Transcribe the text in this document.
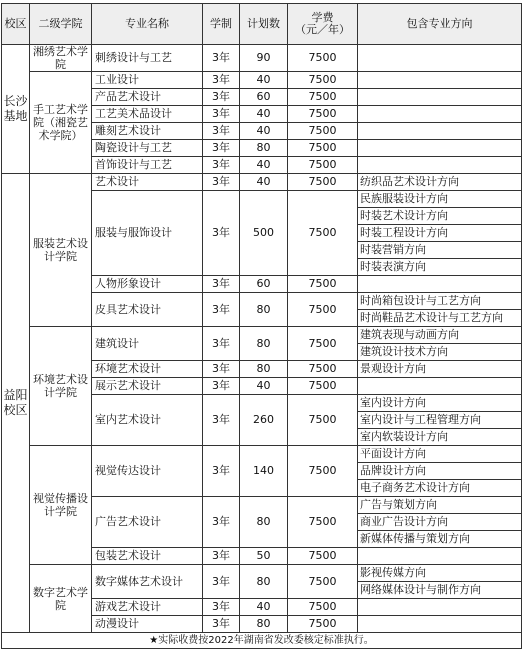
校区	二级学院	专业名称	学制	计划数	学费
（元／年）	包含专业方向
长沙基地	湘绣艺术学院	刺绣设计与工艺	3年	90	7500	
	手工艺术学院（湘瓷艺术学院）	工业设计	3年	40	7500	
		产品艺术设计	3年	60	7500	
		工艺美术品设计	3年	40	7500	
		雕刻艺术设计	3年	40	7500	
		陶瓷设计与工艺	3年	80	7500	
		首饰设计与工艺	3年	40	7500	
益阳校区	服装艺术设计学院	艺术设计	3年	40	7500	纺织品艺术设计方向
		服装与服饰设计	3年	500	7500	民族服装设计方向
						时装艺术设计方向
						时装工程设计方向
						时装营销方向
						时装表演方向
		人物形象设计	3年	60	7500	
		皮具艺术设计	3年	80	7500	时尚箱包设计与工艺方向
						时尚鞋品艺术设计与工艺方向
	环境艺术设计学院	建筑设计	3年	80	7500	建筑表现与动画方向
						建筑设计技术方向
		环境艺术设计	3年	80	7500	景观设计方向
		展示艺术设计	3年	40	7500	
		室内艺术设计	3年	260	7500	室内设计方向
						室内设计与工程管理方向
						室内软装设计方向
	视觉传播设计学院	视觉传达设计	3年	140	7500	平面设计方向
						品牌设计方向
						电子商务艺术设计方向
		广告艺术设计	3年	80	7500	广告与策划方向
						商业广告设计方向
						新媒体传播与策划方向
		包装艺术设计	3年	50	7500	
	数字艺术学院	数字媒体艺术设计	3年	80	7500	影视传媒方向
						网络媒体设计与制作方向
		游戏艺术设计	3年	40	7500	
		动漫设计	3年	80	7500	
★实际收费按2022年湖南省发改委核定标准执行。						
